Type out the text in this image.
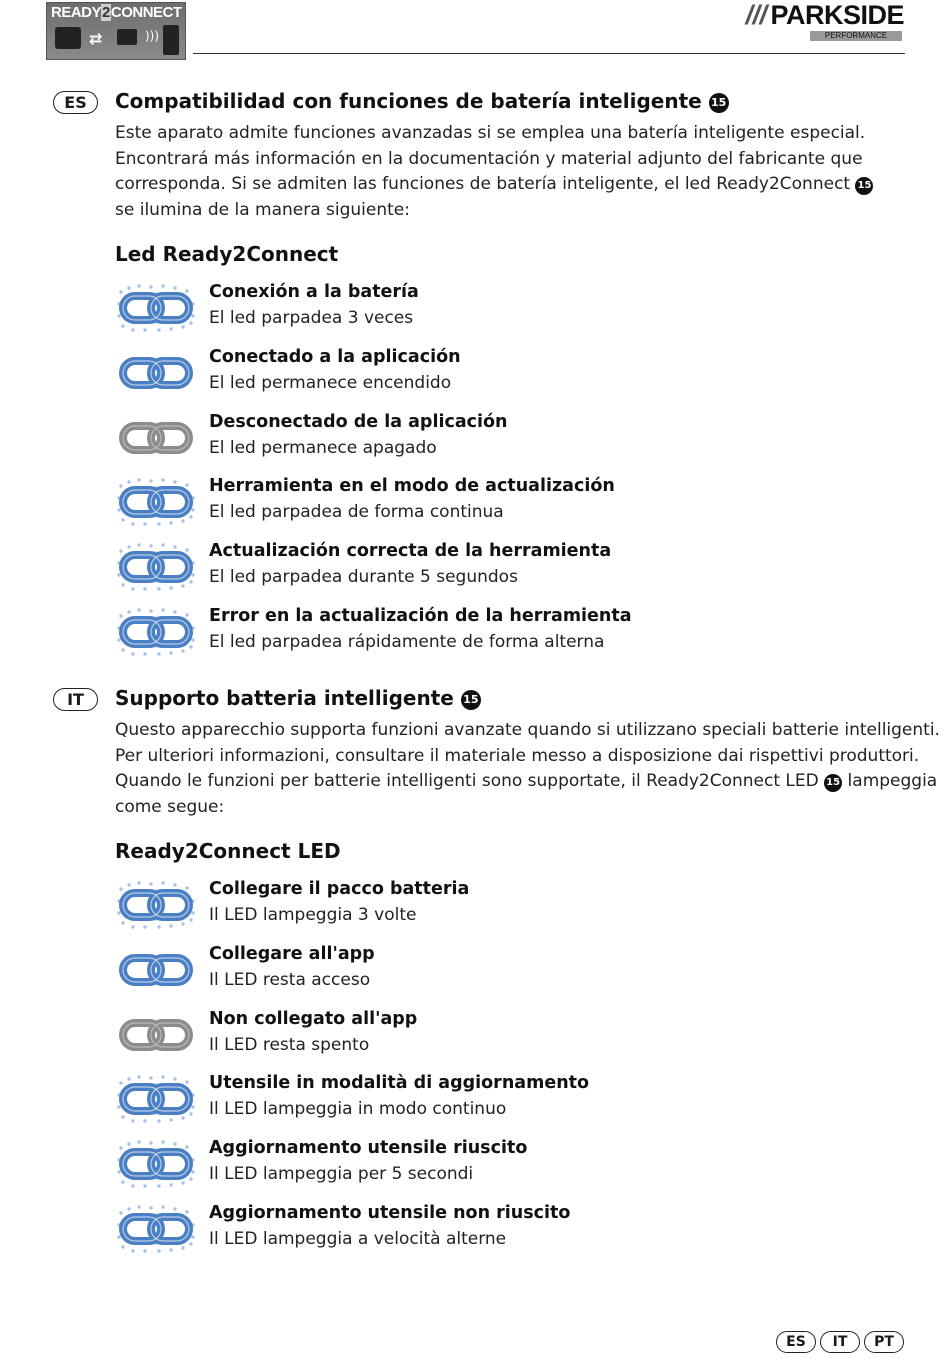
READY2CONNECT
⇄	)))
/// PARKSIDE
PERFORMANCE
ES	Compatibilidad con funciones de batería inteligente 15
Este aparato admite funciones avanzadas si se emplea una batería inteligente especial.
Encontrará más información en la documentación y material adjunto del fabricante que
corresponda. Si se admiten las funciones de batería inteligente, el led Ready2Connect 15
se ilumina de la manera siguiente:
Led Ready2Connect
Conexión a la batería
El led parpadea 3 veces
Conectado a la aplicación
El led permanece encendido
Desconectado de la aplicación
El led permanece apagado
Herramienta en el modo de actualización
El led parpadea de forma continua
Actualización correcta de la herramienta
El led parpadea durante 5 segundos
Error en la actualización de la herramienta
El led parpadea rápidamente de forma alterna
IT	Supporto batteria intelligente 15
Questo apparecchio supporta funzioni avanzate quando si utilizzano speciali batterie intelligenti.
Per ulteriori informazioni, consultare il materiale messo a disposizione dai rispettivi produttori.
Quando le funzioni per batterie intelligenti sono supportate, il Ready2Connect LED 15 lampeggia
come segue:
Ready2Connect LED
Collegare il pacco batteria
Il LED lampeggia 3 volte
Collegare all'app
Il LED resta acceso
Non collegato all'app
Il LED resta spento
Utensile in modalità di aggiornamento
Il LED lampeggia in modo continuo
Aggiornamento utensile riuscito
Il LED lampeggia per 5 secondi
Aggiornamento utensile non riuscito
Il LED lampeggia a velocità alterne
ES IT PT
